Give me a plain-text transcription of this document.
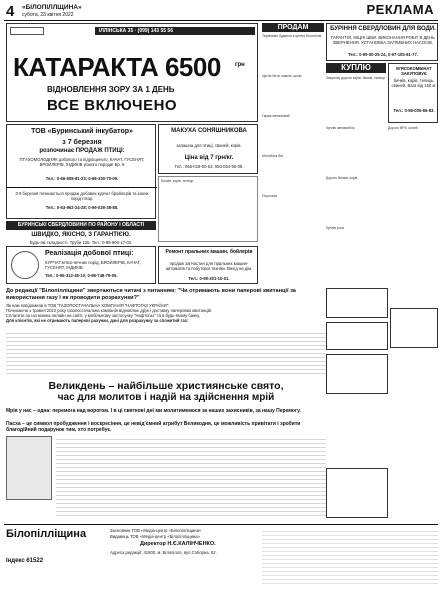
4 «БІЛОПІЛЛЩИНА»
субота, 23 квітня 2022	РЕКЛАМА
ІЛЛІНСЬКА 35 · (099) 143 55 56
КАТАРАКТА 6500 грн
ВІДНОВЛЕННЯ ЗОРУ ЗА 1 ДЕНЬ
ВСЕ ВКЛЮЧЕНО
ТОВ «Буринський інкубатор»
з 7 березня
розпочинає ПРОДАЖ ПТИЦІ:
ПТАХОМОЛОДНЯК добового та підрощеного, КАЧАТ, ГУСЕНЯТ, БРОЙЛЕРІВ, ІНДИКІВ різного породи! Бр. 6
Тел.: 0-66-508-81-23; 0-68-330-70-09.
З 9 березня починається продаж добових курчат бройлерів та інших порід птиці.
Тел.: 0-63-962-24-28; 0-99-029-38-88.
МАКУХА СОНЯШНИКОВА
запашна для птиці, свиней, корів.
Ціна від 7 грн/кг.
Тел.: 066-018-00-53, 050-054-96-08.
Бичків, корів, телиць
БУРИНСЬКІ СВЕРДЛОВИНИ ПО РАЙОНУ І ОБЛАСТІ
ШВИДКО, ЯКІСНО, З ГАРАНТІЄЮ.
Будь-які складності. Труби 125. Тел.: 0-96-900-17-03.
Реалізація добової птиці:
КУРЧАТ м'ясо-яєчних порід, БРОЙЛЕРІВ, КАЧАТ, ГУСЕНЯТ, ІНДИКІВ.
Тел.: 0-95-312-45-10; 0-98-748-79-05.
Ремонт пральних машин, бойлерів
продаж запчастин для пральних машин-автоматів та побутової техніки. Вихід на дім.
Тел.: 0-99-301-10-01.
ПРОДАМ
Терміново будинок в центрі Білопілля
Цегла бита, камінь, шлак
Гараж металевий
Мотоблок б/в
Поросята
БУРІННЯ СВЕРДЛОВИН ДЛЯ ВОДИ.
ГАРАНТІЯ, МІЦНІ ШВИ. ВИКОНАННЯ РОБІТ В ДЕНЬ ЗВЕРНЕННЯ. УСТАНОВКА ЗАГЛИБНИХ НАСОСІВ.
Тел.: 0-99-00-25-24, 0-97-105-61-77.
КУПЛЮ	М'ЯСОКОМБІНАТ ЗАКУПОВУЄ
бичків, корів, телиць, свиней. Вага від 150 кг.
Тел.: 0-96-005-66-83.
Закупову дорого корів, бичків, телиць
Куплю автомобіль
Дорого бичків, корів
Куплю роги
Дорого ВРХ, коней
До редакції "Білопілліщини" звертаються читачі з питанням: "Чи отримають вони паперові квитанції за використання газу і як проводити розрахунки?"
Як нам повідомили в ТОВ "ГАЗОПОСТАЧАЛЬНА КОМПАНІЯ "НАФТОГАЗ УКРАЇНИ":
Починаючи з травня 2022 року газопостачальна компанія відновлює друк і доставку паперових квитанцій.
Сплатити за газ можна онлайн на сайті, у мобільному застосунку "Нафтогаз" та в будь-якому банку.
Для клієнтів, які не отримають паперові рахунки, дані для розрахунку за спожитий газ:
Великдень – найбільше християнське свято,
час для молитов і надій на здійснення мрій
Мрія у нас – одна: перемога над ворогом. І в ці святкові дні ми молитимемося за наших захисників, за нашу Перемогу.
Пасха – це символ пробудження і воскресіння, це невід'ємний атрибут Великодня, це можливість привітати і зробити благодійний подарунок тим, хто потребує.
Білопілліщина
Індекс 61522
Засновник ТОВ «Медіа-центр «Білопілліщина»
Видавець ТОВ «Медіа-центр «Білопілліщина»
Директор Н.Є.КАЛІНЧЕНКО.
Адреса редакції: 41800, м. Білопілля, вул.Соборна, 52.
